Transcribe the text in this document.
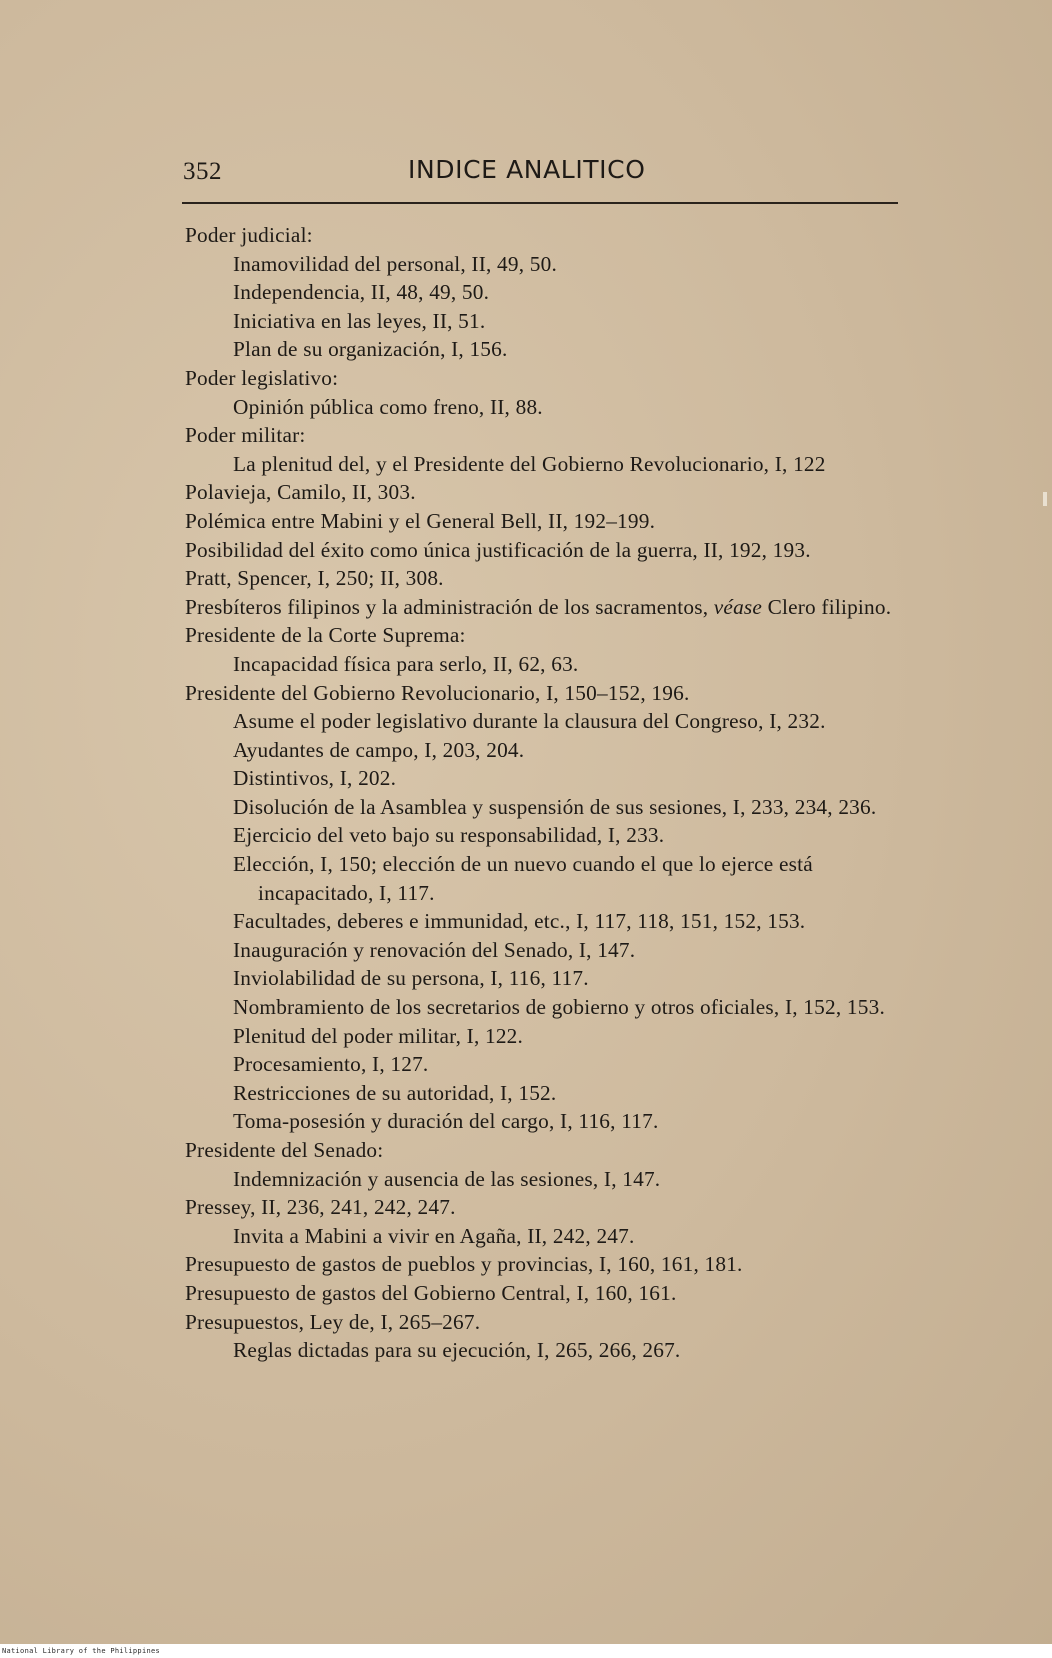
352	INDICE ANALITICO

Poder judicial:

Inamovilidad del personal, II, 49, 50.

Independencia, II, 48, 49, 50.

Iniciativa en las leyes, II, 51.

Plan de su organización, I, 156.

Poder legislativo:

Opinión pública como freno, II, 88.

Poder militar:

La plenitud del, y el Presidente del Gobierno Revolucionario, I, 122

Polavieja, Camilo, II, 303.

Polémica entre Mabini y el General Bell, II, 192–199.

Posibilidad del éxito como única justificación de la guerra, II, 192, 193.

Pratt, Spencer, I, 250; II, 308.

Presbíteros filipinos y la administración de los sacramentos, véase Clero filipino.

Presidente de la Corte Suprema:

Incapacidad física para serlo, II, 62, 63.

Presidente del Gobierno Revolucionario, I, 150–152, 196.

Asume el poder legislativo durante la clausura del Congreso, I, 232.

Ayudantes de campo, I, 203, 204.

Distintivos, I, 202.

Disolución de la Asamblea y suspensión de sus sesiones, I, 233, 234, 236.

Ejercicio del veto bajo su responsabilidad, I, 233.

Elección, I, 150; elección de un nuevo cuando el que lo ejerce está incapacitado, I, 117.

Facultades, deberes e immunidad, etc., I, 117, 118, 151, 152, 153.

Inauguración y renovación del Senado, I, 147.

Inviolabilidad de su persona, I, 116, 117.

Nombramiento de los secretarios de gobierno y otros oficiales, I, 152, 153.

Plenitud del poder militar, I, 122.

Procesamiento, I, 127.

Restricciones de su autoridad, I, 152.

Toma-posesión y duración del cargo, I, 116, 117.

Presidente del Senado:

Indemnización y ausencia de las sesiones, I, 147.

Pressey, II, 236, 241, 242, 247.

Invita a Mabini a vivir en Agaña, II, 242, 247.

Presupuesto de gastos de pueblos y provincias, I, 160, 161, 181.

Presupuesto de gastos del Gobierno Central, I, 160, 161.

Presupuestos, Ley de, I, 265–267.

Reglas dictadas para su ejecución, I, 265, 266, 267.

National Library of the Philippines
